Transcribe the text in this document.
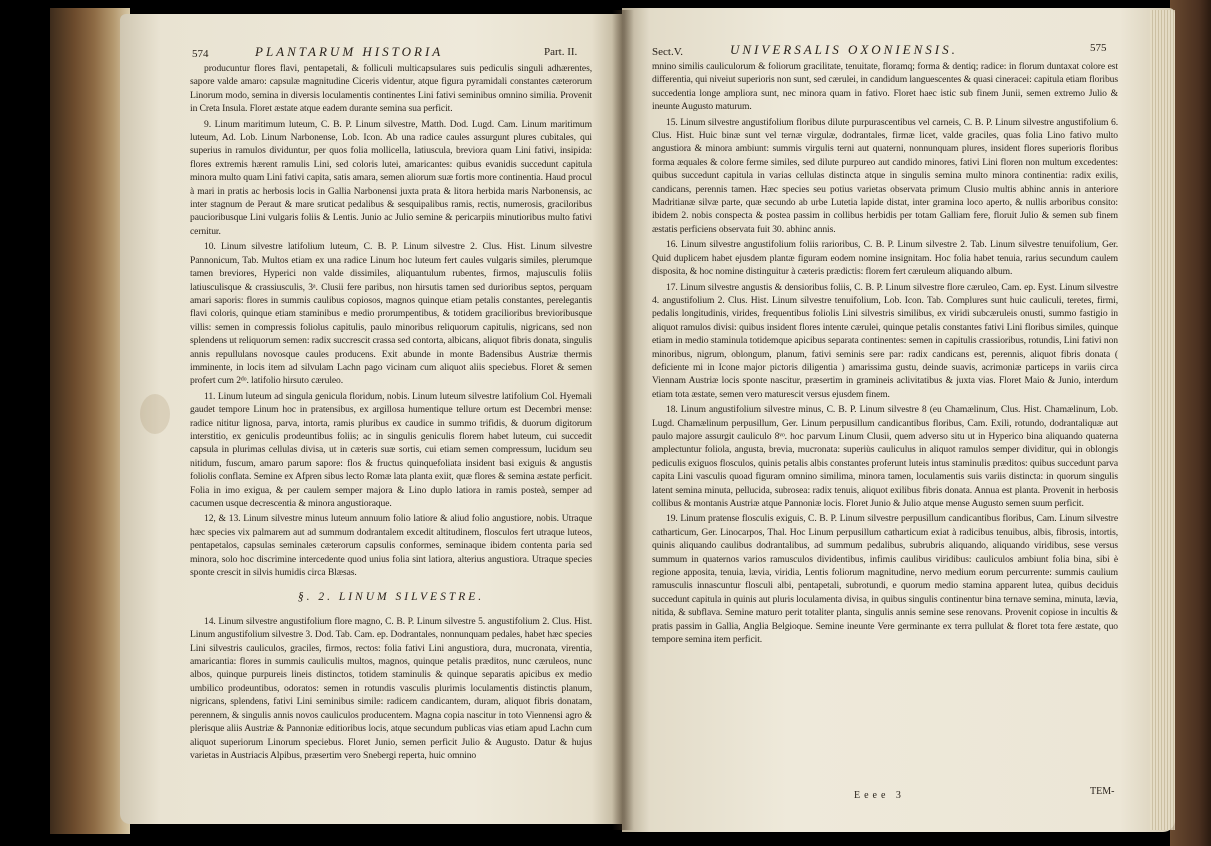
574	PLANTARUM HISTORIA	Part. II.

producuntur flores flavi, pentapetali, & folliculi multicapsulares suis pediculis singuli adhærentes, sapore valde amaro: capsulæ magnitudine Ciceris videntur, atque figura pyramidali constantes cæterorum Linorum modo, semina in diversis loculamentis continentes Lini fativi seminibus omnino similia. Provenit in Creta Insula. Floret æstate atque eadem durante semina sua perficit.

9. Linum maritimum luteum, C. B. P. Linum silvestre, Matth. Dod. Lugd. Cam. Linum maritimum luteum, Ad. Lob. Linum Narbonense, Lob. Icon. Ab una radice caules assurgunt plures cubitales, qui superius in ramulos dividuntur, per quos folia mollicella, latiuscula, breviora quam Lini fativi, insipida: flores extremis hærent ramulis Lini, sed coloris lutei, amaricantes: quibus evanidis succedunt capitula minora multo quam Lini fativi capita, satis amara, semen aliorum suæ fortis more continentia. Haud procul à mari in pratis ac herbosis locis in Gallia Narbonensi juxta prata & litora herbida maris Narbonensis, ac inter stagnum de Peraut & mare sruticat pedalibus & sesquipalibus ramis, rectis, numerosis, graciloribus paucioribusque Lini vulgaris foliis & Lentis. Junio ac Julio semine & pericarpiis minutioribus multo fativi cernitur.

10. Linum silvestre latifolium luteum, C. B. P. Linum silvestre 2. Clus. Hist. Linum silvestre Pannonicum, Tab. Multos etiam ex una radice Linum hoc luteum fert caules vulgaris similes, plerumque tamen breviores, Hyperici non valde dissimiles, aliquantulum rubentes, firmos, majusculis foliis latiusculisque & crassiusculis, 3ᵃ. Clusii fere paribus, non hirsutis tamen sed durioribus septos, perquam amari saporis: flores in summis caulibus copiosos, magnos quinque etiam petalis constantes, perelegantis flavi coloris, quinque etiam staminibus e medio prorumpentibus, & totidem gracilioribus brevioribusque villis: semen in compressis foliolus capitulis, paulo minoribus reliquorum capitulis, nigricans, sed non splendens ut reliquorum semen: radix succrescit crassa sed contorta, albicans, aliquot fibris donata, singulis annis repullulans novosque caules producens. Exit abunde in monte Badensibus Austriæ thermis imminente, in locis item ad silvulam Lachn pago vicinam cum aliquot aliis speciebus. Floret & semen profert cum 2ᵈᵒ. latifolio hirsuto cæruleo.

11. Linum luteum ad singula genicula floridum, nobis. Linum luteum silvestre latifolium Col. Hyemali gaudet tempore Linum hoc in pratensibus, ex argillosa humentique tellure ortum est Decembri mense: radice nititur lignosa, parva, intorta, ramis pluribus ex caudice in summo trifidis, & duorum digitorum interstitio, ex geniculis prodeuntibus foliis; ac in singulis geniculis florem habet luteum, cui succedit capsula in plurimas cellulas divisa, ut in cæteris suæ sortis, cui etiam semen compressum, lucidum seu nitidum, fuscum, amaro parum sapore: flos & fructus quinquefoliata insident basi exiguis & angustis foliolis conflata. Semine ex Afpren sibus lecto Romæ lata planta exiit, quæ flores & semina æstate perficit. Folia in imo exigua, & per caulem semper majora & Lino duplo latiora in ramis posteà, semper ad cacumen usque decrescentia & minora angustioraque.

12, & 13. Linum silvestre minus luteum annuum folio latiore & aliud folio angustiore, nobis. Utraque hæc species vix palmarem aut ad summum dodrantalem excedit altitudinem, flosculos fert utraque luteos, pentapetalos, capsulas seminales cæterorum capsulis conformes, seminaque ibidem contenta paria sed minora, solo hoc discrimine intercedente quod unius folia sint latiora, alterius angustiora. Utraque species sponte crescit in silvis humidis circa Blæsas.

§. 2. LINUM SILVESTRE.

14. Linum silvestre angustifolium flore magno, C. B. P. Linum silvestre 5. angustifolium 2. Clus. Hist. Linum angustifolium silvestre 3. Dod. Tab. Cam. ep. Dodrantales, nonnunquam pedales, habet hæc species Lini silvestris cauliculos, graciles, firmos, rectos: folia fativi Lini angustiora, dura, mucronata, virentia, amaricantia: flores in summis cauliculis multos, magnos, quinque petalis præditos, nunc cæruleos, nunc albos, quinque purpureis lineis distinctos, totidem staminulis & quinque separatis apicibus ex medio umbilico prodeuntibus, odoratos: semen in rotundis vasculis plurimis loculamentis distinctis planum, nigricans, splendens, fativi Lini seminibus simile: radicem candicantem, duram, aliquot fibris donatam, perennem, & singulis annis novos cauliculos producentem. Magna copia nascitur in toto Viennensi agro & plerisque aliis Austriæ & Pannoniæ editioribus locis, atque secundum publicas vias etiam apud Lachn cum aliquot superiorum Linorum speciebus. Floret Junio, semen perficit Julio & Augusto. Datur & hujus varietas in Austriacis Alpibus, præsertim vero Snebergi reperta, huic omnino

Sect.V.	UNIVERSALIS OXONIENSIS.	575

mnino similis cauliculorum & foliorum gracilitate, tenuitate, floramq; forma & dentiq; radice: in florum duntaxat colore est differentia, qui niveiut superioris non sunt, sed cærulei, in candidum languescentes & quasi cineracei: capitula etiam floribus succedentia longe ampliora sunt, nec minora quam in fativo. Floret haec istic sub finem Junii, semen extremo Julio & ineunte Augusto maturum.

15. Linum silvestre angustifolium floribus dilute purpurascentibus vel carneis, C. B. P. Linum silvestre angustifolium 6. Clus. Hist. Huic binæ sunt vel ternæ virgulæ, dodrantales, firmæ licet, valde graciles, quas folia Lino fativo multo angustiora & minora ambiunt: summis virgulis terni aut quaterni, nonnunquam plures, insident flores superioris floribus forma æquales & colore ferme similes, sed dilute purpureo aut candido minores, fativi Lini floren non multum excedentes: quibus succedunt capitula in varias cellulas distincta atque in singulis semina multo minora continentia: radix exilis, candicans, perennis tamen. Hæc species seu potius varietas observata primum Clusio multis abhinc annis in anteriore Madritianæ silvæ parte, quæ secundo ab urbe Lutetia lapide distat, inter gramina loco aperto, & nullis arboribus consito: ibidem 2. nobis conspecta & postea passim in collibus herbidis per totam Galliam fere, floruit Julio & semen sub finem æstatis perficiens observata fuit 30. abhinc annis.

16. Linum silvestre angustifolium foliis rarioribus, C. B. P. Linum silvestre 2. Tab. Linum silvestre tenuifolium, Ger. Quid duplicem habet ejusdem plantæ figuram eodem nomine insignitam. Hoc folia habet tenuia, rarius secundum caulem disposita, & hoc nomine distinguitur à cæteris prædictis: florem fert cæruleum aliquando album.

17. Linum silvestre angustis & densioribus foliis, C. B. P. Linum silvestre flore cæruleo, Cam. ep. Eyst. Linum silvestre 4. angustifolium 2. Clus. Hist. Linum silvestre tenuifolium, Lob. Icon. Tab. Complures sunt huic cauliculi, teretes, firmi, pedalis longitudinis, virides, frequentibus foliolis Lini silvestris similibus, ex viridi subcæruleis onusti, summo fastigio in aliquot ramulos divisi: quibus insident flores intente cærulei, quinque petalis constantes fativi Lini floribus similes, quinque etiam in medio staminula totidemque apicibus separata continentes: semen in capitulis crassioribus, rotundis, Lini fativi non minoribus, nigrum, oblongum, planum, fativi seminis sere par: radix candicans est, perennis, aliquot fibris donata ( deficiente mi in Icone major pictoris diligentia ) amarissima gustu, deinde suavis, acrimoniæ particeps in variis circa Viennam Austriæ locis sponte nascitur, præsertim in gramineis aclivitatibus & juxta vias. Floret Maio & Junio, interdum etiam tota æstate, semen vero maturescit versus ejusdem finem.

18. Linum angustifolium silvestre minus, C. B. P. Linum silvestre 8 (eu Chamælinum, Clus. Hist. Chamælinum, Lob. Lugd. Chamælinum perpusillum, Ger. Linum perpusillum candicantibus floribus, Cam. Exili, rotundo, dodrantaliquæ aut paulo majore assurgit cauliculo 8ᵛᵒ. hoc parvum Linum Clusii, quem adverso situ ut in Hyperico bina aliquando quaterna amplectuntur foliola, angusta, brevia, mucronata: superiùs cauliculus in aliquot ramulos semper dividitur, qui in oblongis pediculis exiguos flosculos, quinis petalis albis constantes proferunt luteis intus staminulis præditos: quibus succedunt parva capita Lini vasculis quoad figuram omnino similima, minora tamen, loculamentis suis variis distincta: in quorum singulis latent semina minuta, pellucida, subrosea: radix tenuis, aliquot exilibus fibris donata. Annua est planta. Provenit in herbosis collibus & montanis Austriæ atque Pannoniæ locis. Floret Junio & Julio atque mense Augusto semen suum perficit.

19. Linum pratense flosculis exiguis, C. B. P. Linum silvestre perpusillum candicantibus floribus, Cam. Linum silvestre catharticum, Ger. Linocarpos, Thal. Hoc Linum perpusillum catharticum exiat à radicibus tenuibus, albis, fibrosis, intortis, quinis aliquando caulibus dodrantalibus, ad summum pedalibus, subrubris aliquando, aliquando viridibus, sese versus summum in quaternos varios ramusculos dividentibus, infimis caulibus viridibus: cauliculos ambiunt folia bina, sibi è regione apposita, tenuia, lævia, viridia, Lentis foliorum magnitudine, nervo medium eorum percurrente: summis caulium ramusculis innascuntur flosculi albi, pentapetali, subrotundi, e quorum medio stamina apparent lutea, quibus deciduis succedunt capitula in quinis aut pluris loculamenta divisa, in quibus singulis continentur bina ternave semina, minuta, lævia, nitida, & subflava. Semine maturo perit totaliter planta, singulis annis semine sese renovans. Provenit copiose in incultis & pratis passim in Gallia, Anglia Belgioque. Semine ineunte Vere germinante ex terra pullulat & floret tota fere æstate, quo tempore semina item perficit.

Eeee 3	TEM-
